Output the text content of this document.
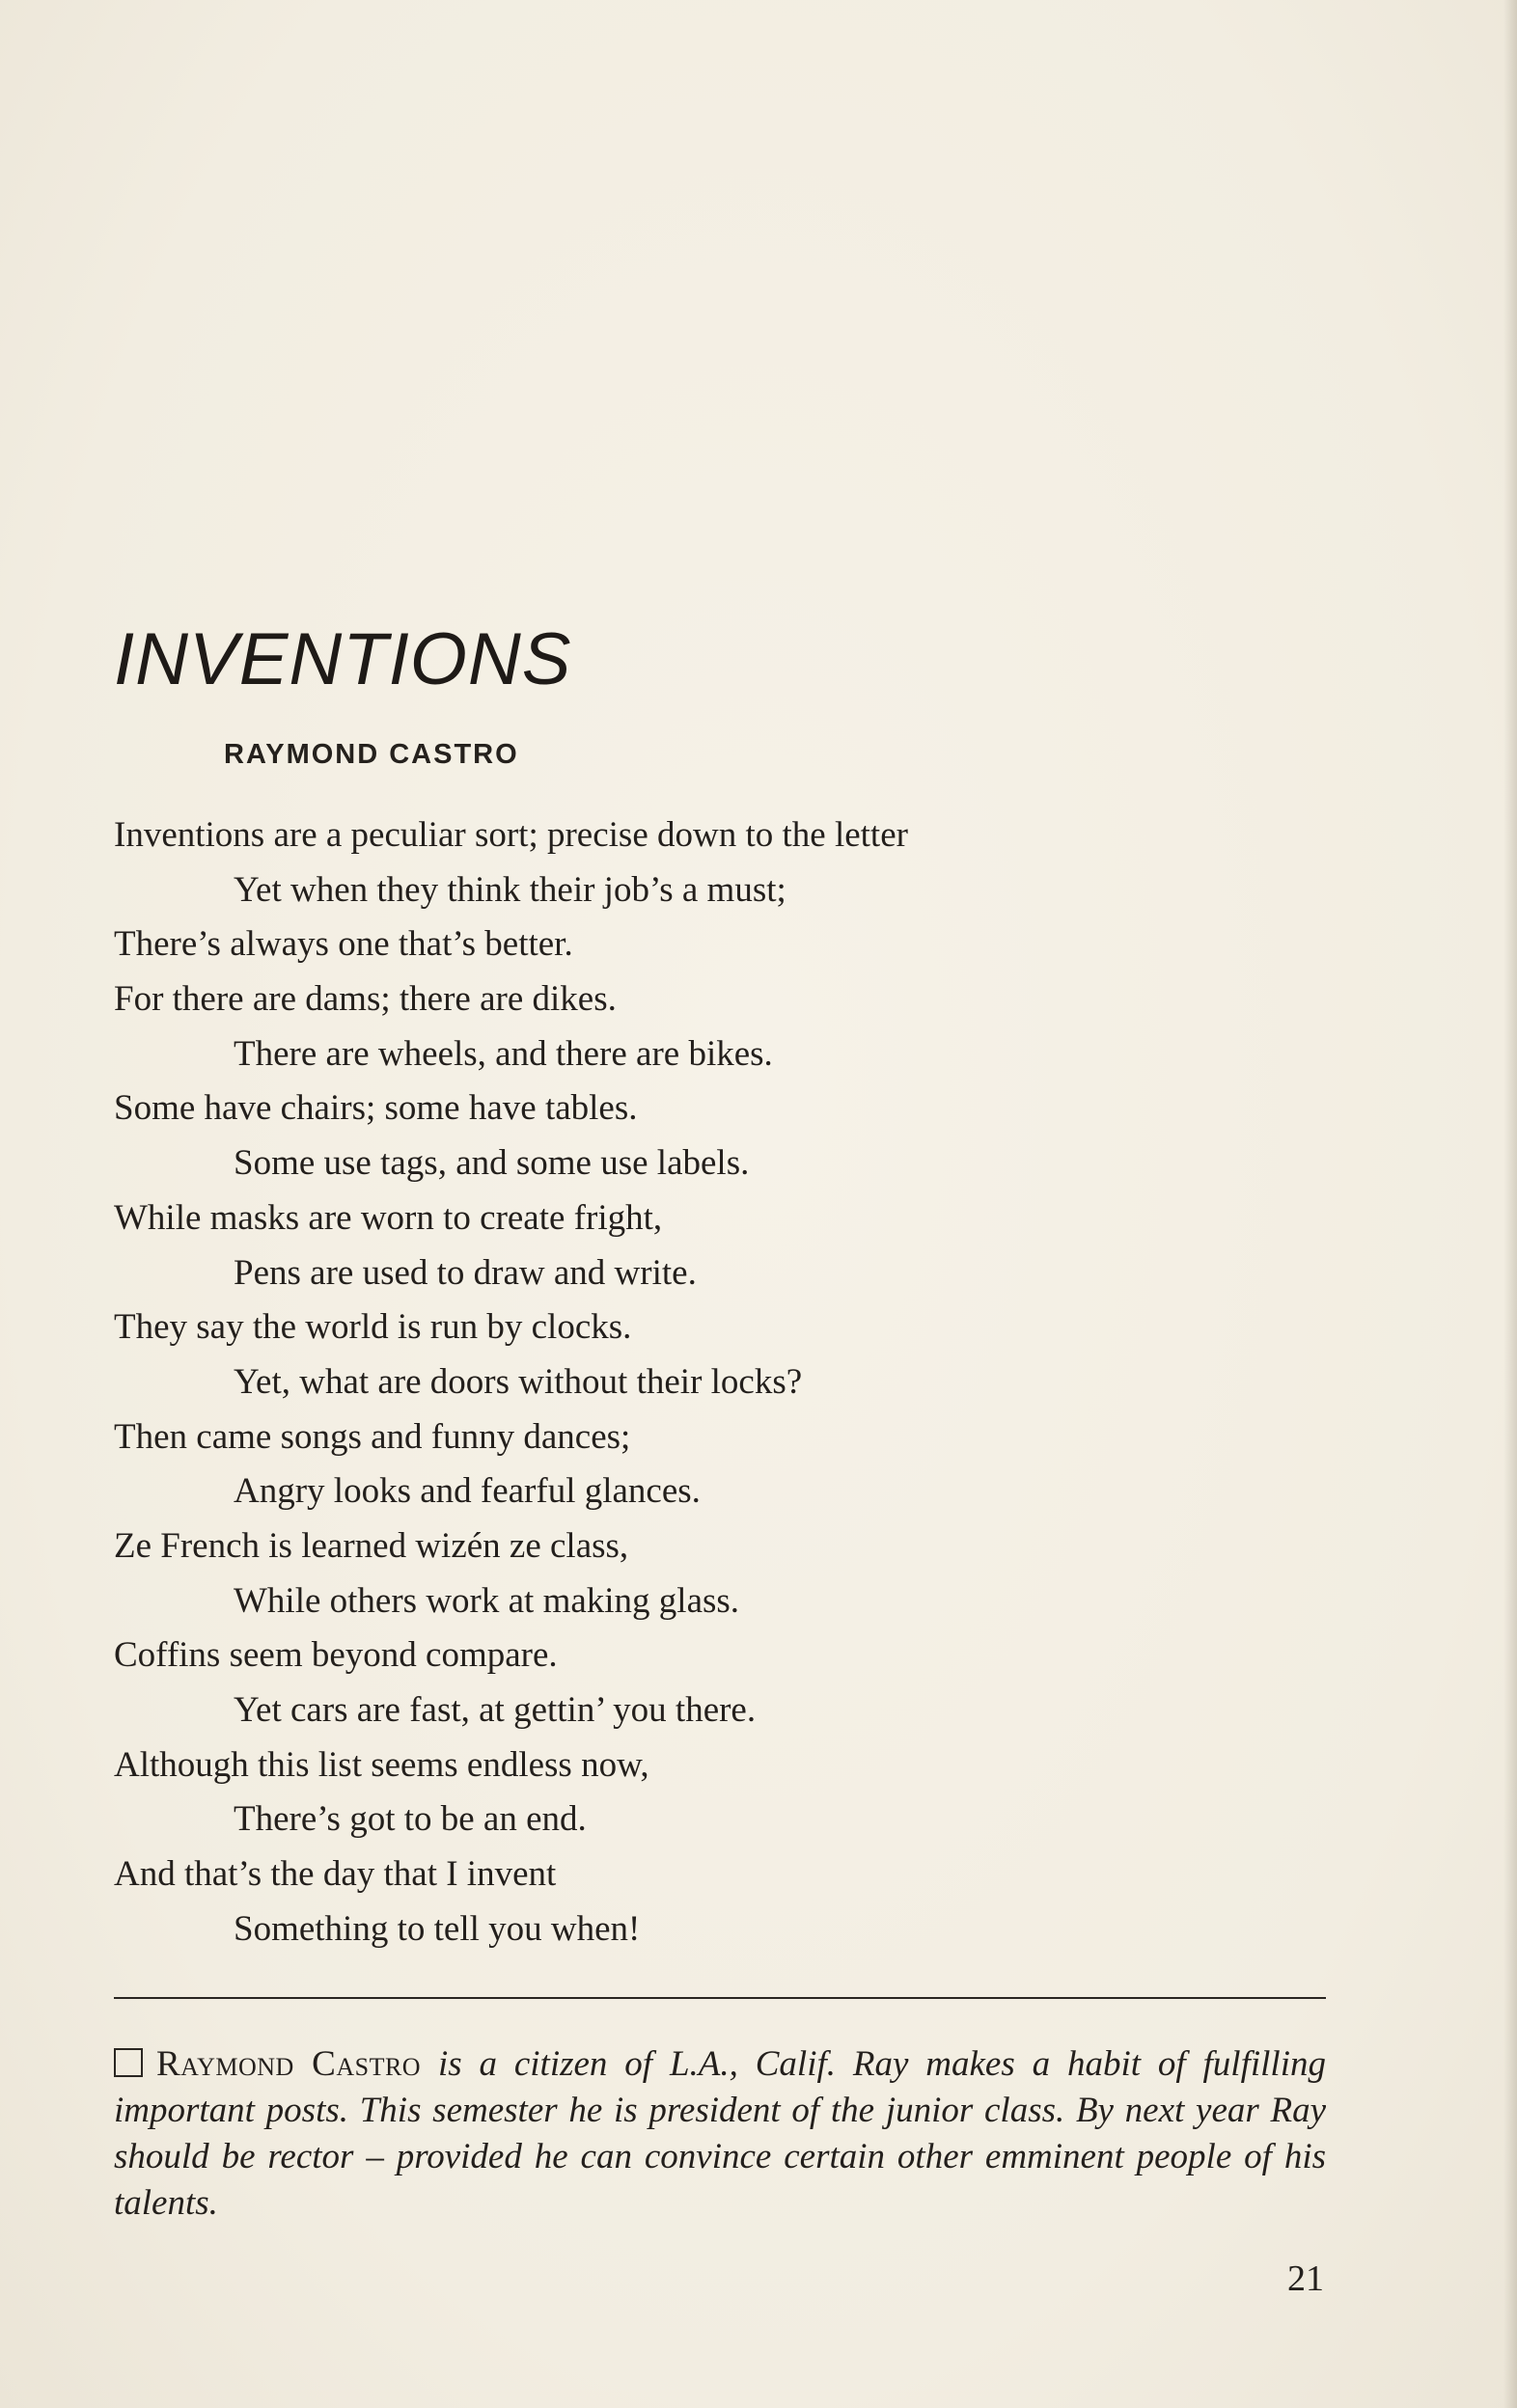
INVENTIONS
RAYMOND CASTRO
Inventions are a peculiar sort; precise down to the letter
Yet when they think their job’s a must;
There’s always one that’s better.
For there are dams; there are dikes.
There are wheels, and there are bikes.
Some have chairs; some have tables.
Some use tags, and some use labels.
While masks are worn to create fright,
Pens are used to draw and write.
They say the world is run by clocks.
Yet, what are doors without their locks?
Then came songs and funny dances;
Angry looks and fearful glances.
Ze French is learned wizén ze class,
While others work at making glass.
Coffins seem beyond compare.
Yet cars are fast, at gettin’ you there.
Although this list seems endless now,
There’s got to be an end.
And that’s the day that I invent
Something to tell you when!
Raymond Castro is a citizen of L.A., Calif. Ray makes a habit of fulfilling important posts. This semester he is president of the junior class. By next year Ray should be rector – provided he can convince certain other emminent people of his talents.
21
